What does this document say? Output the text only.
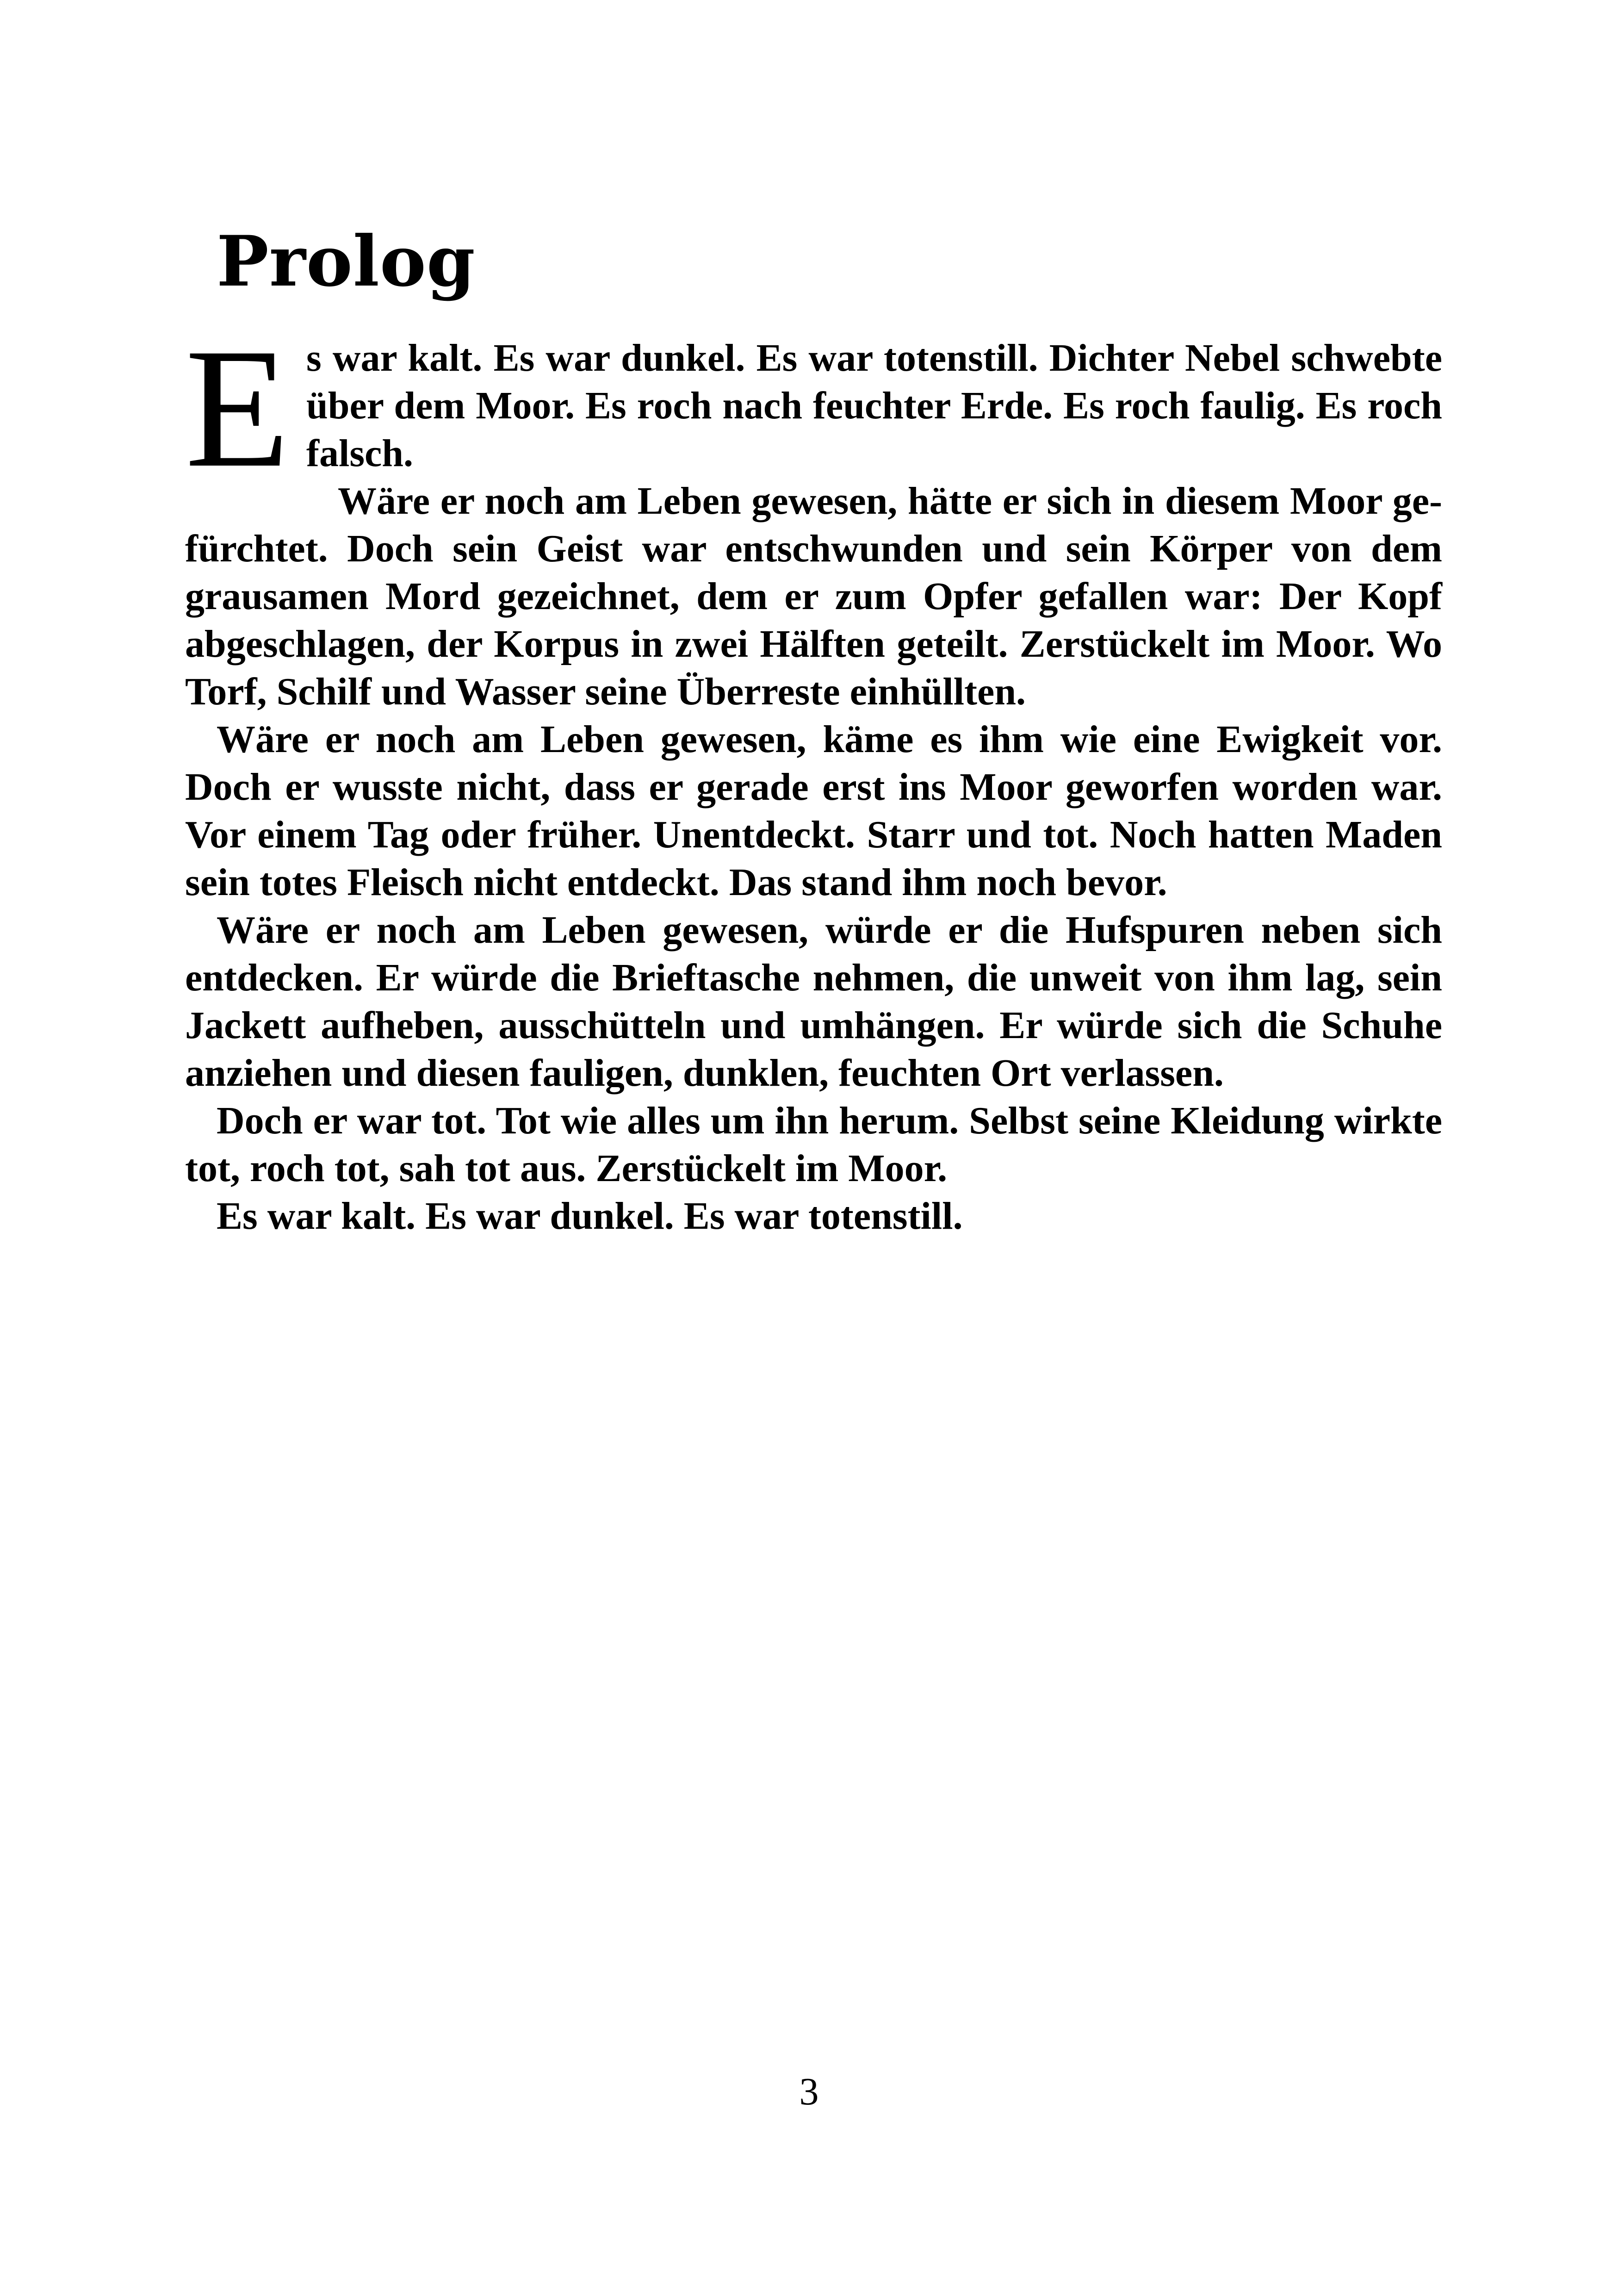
Prolog

Es war kalt. Es war dunkel. Es war totenstill. Dichter Nebel schwebte über dem Moor. Es roch nach feuchter Erde. Es roch faulig. Es roch falsch.

Wäre er noch am Leben gewesen, hätte er sich in diesem Moor gefürchtet. Doch sein Geist war entschwunden und sein Körper von dem grausamen Mord gezeichnet, dem er zum Opfer gefallen war: Der Kopf abgeschlagen, der Korpus in zwei Hälften geteilt. Zerstückelt im Moor. Wo Torf, Schilf und Wasser seine Überreste einhüllten.

Wäre er noch am Leben gewesen, käme es ihm wie eine Ewigkeit vor. Doch er wusste nicht, dass er gerade erst ins Moor geworfen worden war. Vor einem Tag oder früher. Unentdeckt. Starr und tot. Noch hatten Maden sein totes Fleisch nicht entdeckt. Das stand ihm noch bevor.

Wäre er noch am Leben gewesen, würde er die Hufspuren neben sich entdecken. Er würde die Brieftasche nehmen, die unweit von ihm lag, sein Jackett aufheben, ausschütteln und umhängen. Er würde sich die Schuhe anziehen und diesen fauligen, dunklen, feuchten Ort verlassen.

Doch er war tot. Tot wie alles um ihn herum. Selbst seine Kleidung wirkte tot, roch tot, sah tot aus. Zerstückelt im Moor.

Es war kalt. Es war dunkel. Es war totenstill.

3
